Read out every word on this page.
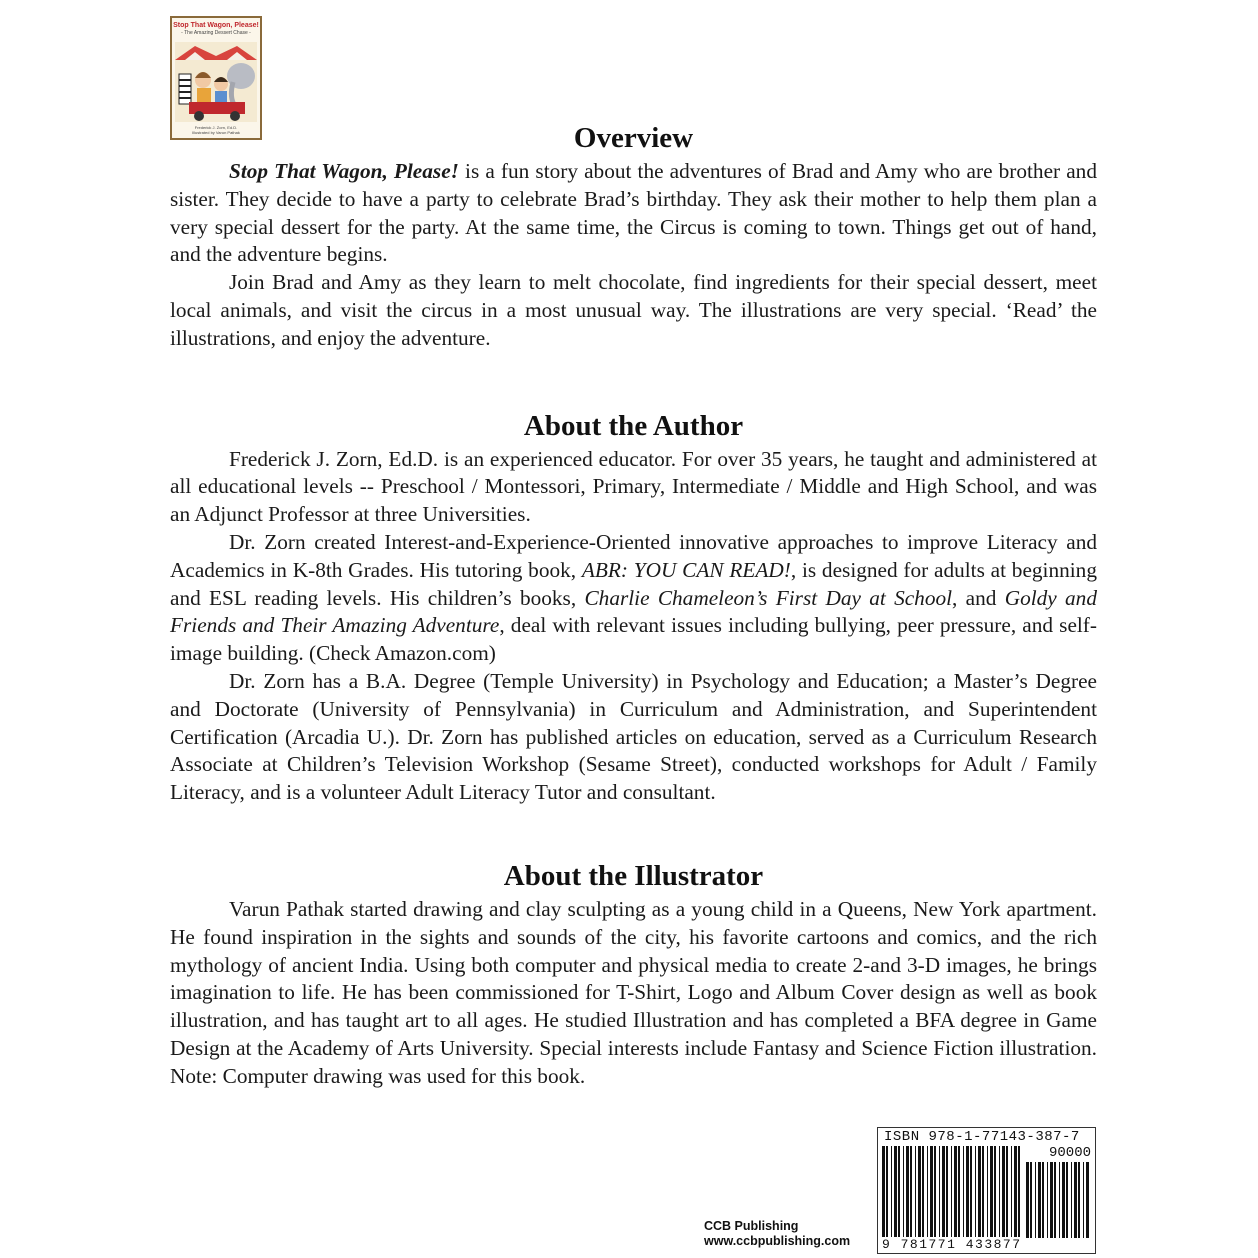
Stop That Wagon, Please!
- The Amazing Dessert Chase -
Frederick J. Zorn, Ed.D.
Illustrated by Varun Pathak	Overview

Stop That Wagon, Please! is a fun story about the adventures of Brad and Amy who are brother and sister. They decide to have a party to celebrate Brad’s birthday. They ask their mother to help them plan a very special dessert for the party. At the same time, the Circus is coming to town. Things get out of hand, and the adventure begins.

Join Brad and Amy as they learn to melt chocolate, find ingredients for their special dessert, meet local animals, and visit the circus in a most unusual way. The illustrations are very special. ‘Read’ the illustrations, and enjoy the adventure.

About the Author

Frederick J. Zorn, Ed.D. is an experienced educator. For over 35 years, he taught and administered at all educational levels -- Preschool / Montessori, Primary, Intermediate / Middle and High School, and was an Adjunct Professor at three Universities.

Dr. Zorn created Interest-and-Experience-Oriented innovative approaches to improve Literacy and Academics in K-8th Grades. His tutoring book, ABR: YOU CAN READ!, is designed for adults at beginning and ESL reading levels. His children’s books, Charlie Chameleon’s First Day at School, and Goldy and Friends and Their Amazing Adventure, deal with relevant issues including bullying, peer pressure, and self-image building. (Check Amazon.com)

Dr. Zorn has a B.A. Degree (Temple University) in Psychology and Education; a Master’s Degree and Doctorate (University of Pennsylvania) in Curriculum and Administration, and Superintendent Certification (Arcadia U.). Dr. Zorn has published articles on education, served as a Curriculum Research Associate at Children’s Television Workshop (Sesame Street), conducted workshops for Adult / Family Literacy, and is a volunteer Adult Literacy Tutor and consultant.

About the Illustrator

Varun Pathak started drawing and clay sculpting as a young child in a Queens, New York apartment. He found inspiration in the sights and sounds of the city, his favorite cartoons and comics, and the rich mythology of ancient India. Using both computer and physical media to create 2-and 3-D images, he brings imagination to life. He has been commissioned for T-Shirt, Logo and Album Cover design as well as book illustration, and has taught art to all ages. He studied Illustration and has completed a BFA degree in Game Design at the Academy of Arts University. Special interests include Fantasy and Science Fiction illustration. Note: Computer drawing was used for this book.

CCB Publishing
www.ccbpublishing.com
ISBN 978-1-77143-387-7
90000
9 781771 433877
